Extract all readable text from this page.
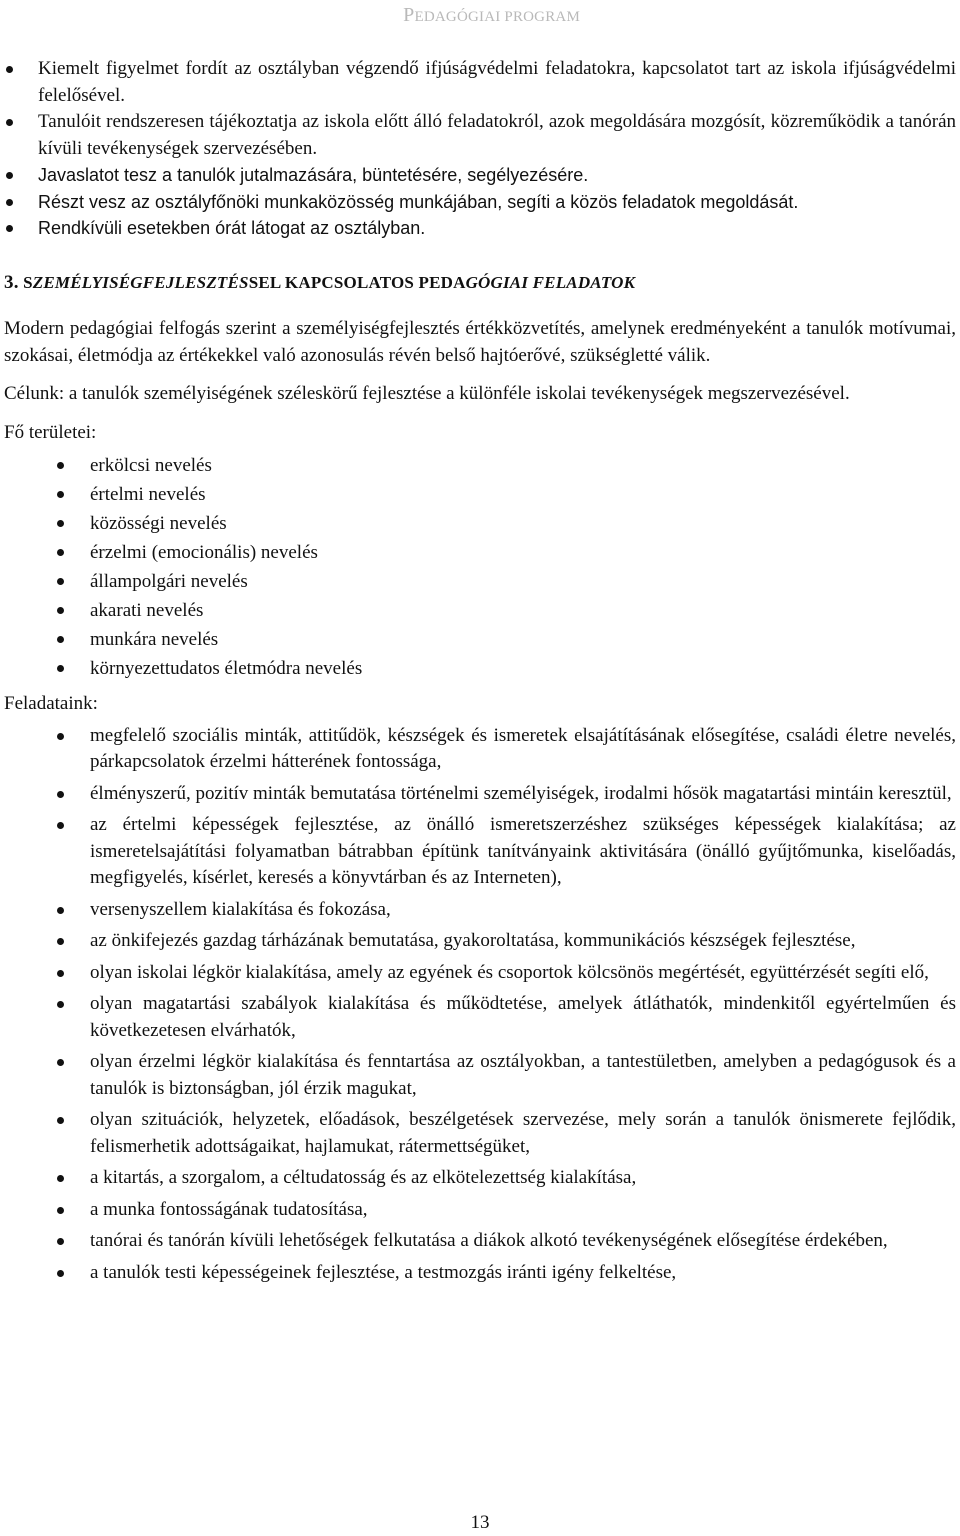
PEDAGÓGIAI PROGRAM
Kiemelt figyelmet fordít az osztályban végzendő ifjúságvédelmi feladatokra, kapcsolatot tart az iskola ifjúságvédelmi felelősével.
Tanulóit rendszeresen tájékoztatja az iskola előtt álló feladatokról, azok megoldására mozgósít, közreműködik a tanórán kívüli tevékenységek szervezésében.
Javaslatot tesz a tanulók jutalmazására, büntetésére, segélyezésére.
Részt vesz az osztályfőnöki munkaközösség munkájában, segíti a közös feladatok megoldását.
Rendkívüli esetekben órát látogat az osztályban.
3. SZEMÉLYISÉGFEJLESZTÉSSEL KAPCSOLATOS PEDAGÓGIAI FELADATOK

Modern pedagógiai felfogás szerint a személyiségfejlesztés értékközvetítés, amelynek eredményeként a tanulók motívumai, szokásai, életmódja az értékekkel való azonosulás révén belső hajtóerővé, szükségletté válik.

Célunk: a tanulók személyiségének széleskörű fejlesztése a különféle iskolai tevékenységek megszervezésével.

Fő területei:

erkölcsi nevelés
értelmi nevelés
közösségi nevelés
érzelmi (emocionális) nevelés
állampolgári nevelés
akarati nevelés
munkára nevelés
környezettudatos életmódra nevelés

Feladataink:

megfelelő szociális minták, attitűdök, készségek és ismeretek elsajátításának elősegítése, családi életre nevelés, párkapcsolatok érzelmi hátterének fontossága,
élményszerű, pozitív minták bemutatása történelmi személyiségek, irodalmi hősök magatartási mintáin keresztül,
az értelmi képességek fejlesztése, az önálló ismeretszerzéshez szükséges képességek kialakítása; az ismeretelsajátítási folyamatban bátrabban építünk tanítványaink aktivitására (önálló gyűjtőmunka, kiselőadás, megfigyelés, kísérlet, keresés a könyvtárban és az Interneten),
versenyszellem kialakítása és fokozása,
az önkifejezés gazdag tárházának bemutatása, gyakoroltatása, kommunikációs készségek fejlesztése,
olyan iskolai légkör kialakítása, amely az egyének és csoportok kölcsönös megértését, együttérzését segíti elő,
olyan magatartási szabályok kialakítása és működtetése, amelyek átláthatók, mindenkitől egyértelműen és következetesen elvárhatók,
olyan érzelmi légkör kialakítása és fenntartása az osztályokban, a tantestületben, amelyben a pedagógusok és a tanulók is biztonságban, jól érzik magukat,
olyan szituációk, helyzetek, előadások, beszélgetések szervezése, mely során a tanulók önismerete fejlődik, felismerhetik adottságaikat, hajlamukat, rátermettségüket,
a kitartás, a szorgalom, a céltudatosság és az elkötelezettség kialakítása,
a munka fontosságának tudatosítása,
tanórai és tanórán kívüli lehetőségek felkutatása a diákok alkotó tevékenységének elősegítése érdekében,
a tanulók testi képességeinek fejlesztése, a testmozgás iránti igény felkeltése,
13
